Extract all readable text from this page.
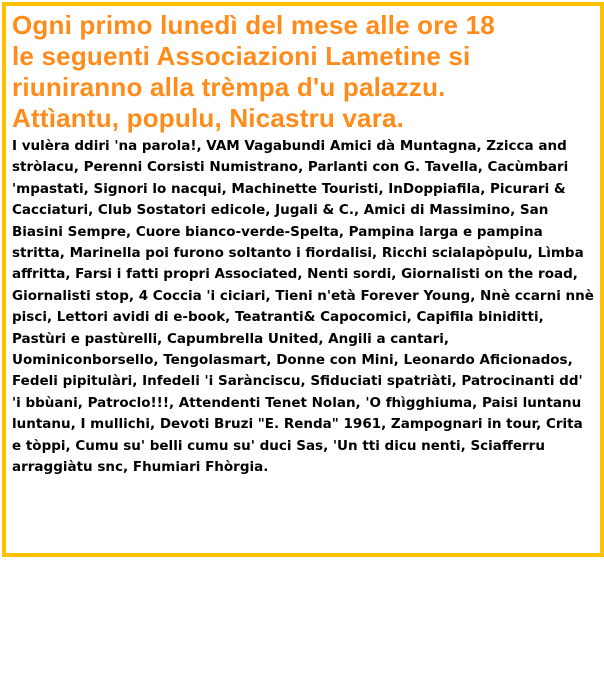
Ogni primo lunedì del mese alle ore 18
le seguenti Associazioni Lametine si
riuniranno alla trèmpa d'u palazzu.
Attìantu, populu, Nicastru vara.

I vulèra ddiri 'na parola!, VAM Vagabundi Amici dà Muntagna, Zzicca and stròlacu, Perenni Corsisti Numistrano, Parlanti con G. Tavella, Cacùmbari 'mpastati, Signori lo nacqui, Machinette Touristi, InDoppiafila, Picurari & Cacciaturi, Club Sostatori edicole, Jugali & C., Amici di Massimino, San Biasini Sempre, Cuore bianco-verde-Spelta, Pampina larga e pampina stritta, Marinella poi furono soltanto i fiordalisi, Ricchi scialapòpulu, Lìmba affritta, Farsi i fatti propri Associated, Nenti sordi, Giornalisti on the road, Giornalisti stop, 4 Coccia 'i ciciari, Tieni n'età Forever Young, Nnè ccarni nnè pisci, Lettori avidi di e-book, Teatranti& Capocomici, Capifila biniditti, Pastùri e pastùrelli, Capumbrella United, Angili a cantari, Uominiconborsello, Tengolasmart, Donne con Mini, Leonardo Aficionados, Fedeli pipitulàri, Infedeli 'i Sarànciscu, Sfiduciati spatriàti, Patrocinanti dd' 'i bbùani, Patroclo!!!, Attendenti Tenet Nolan, 'O fhìgghiuma, Paisi luntanu luntanu, I mullichi, Devoti Bruzi "E. Renda" 1961, Zampognari in tour, Crita e tòppi, Cumu su' belli cumu su' duci Sas, 'Un tti dicu nenti, Sciafferru arraggiàtu snc, Fhumiari Fhòrgia.
